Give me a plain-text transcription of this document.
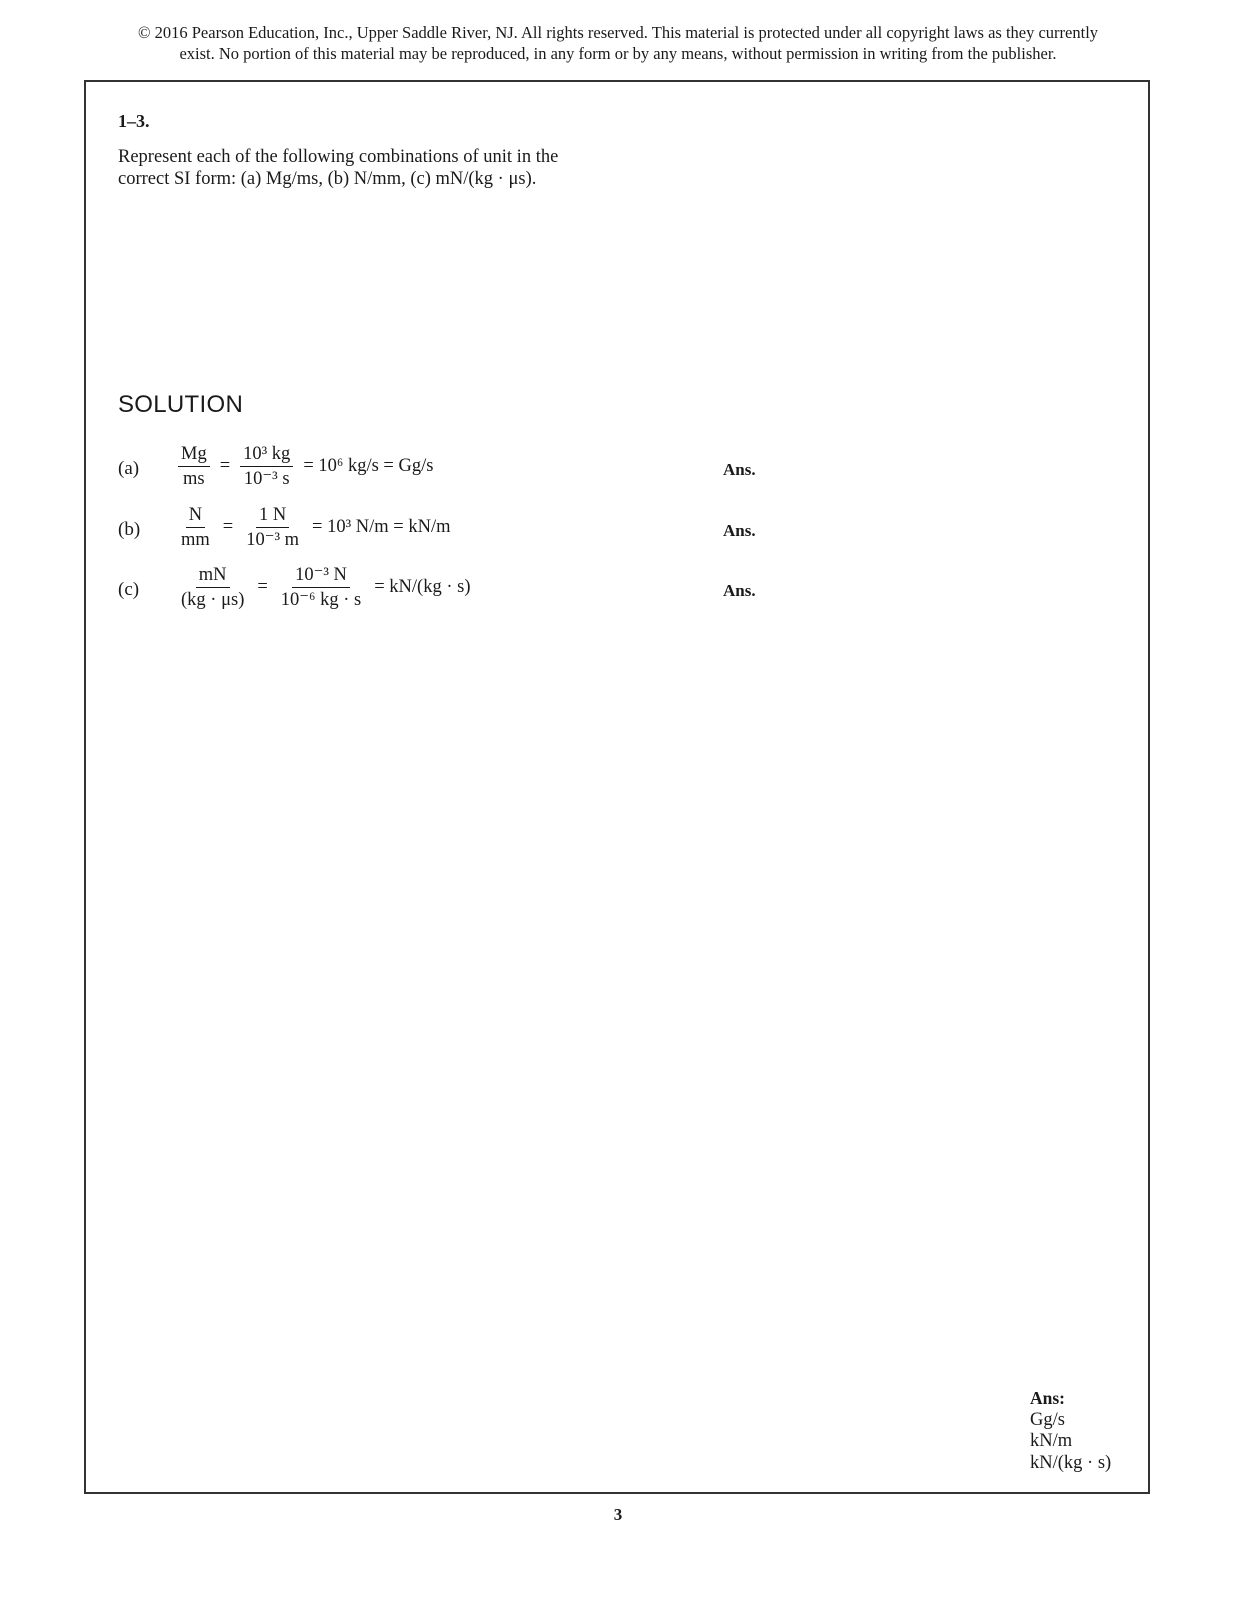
© 2016 Pearson Education, Inc., Upper Saddle River, NJ. All rights reserved. This material is protected under all copyright laws as they currently
exist. No portion of this material may be reproduced, in any form or by any means, without permission in writing from the publisher.
1–3.
Represent each of the following combinations of unit in the
correct SI form: (a) Mg/ms, (b) N/mm, (c) mN/(kg · μs).
SOLUTION
$(a) \frac{Mg}{ms} = \frac{\text{10³ kg}}{\text{10⁻³ s}} = 10^6$ kg/s = Gg/s	Ans.
$(b) \frac{N}{mm} = \frac{1 N}{\text{10⁻³ m}} = 10^3$ N/m = kN/m	Ans.
$(c) \frac{mN}{(kg \cdot \mu s)} = \frac{\text{10⁻³ N}}{\text{10⁻⁶ kg · s}} = kN/(kg \cdot s)$	Ans.
Ans:
Gg/s
kN/m
kN/(kg · s)
3
